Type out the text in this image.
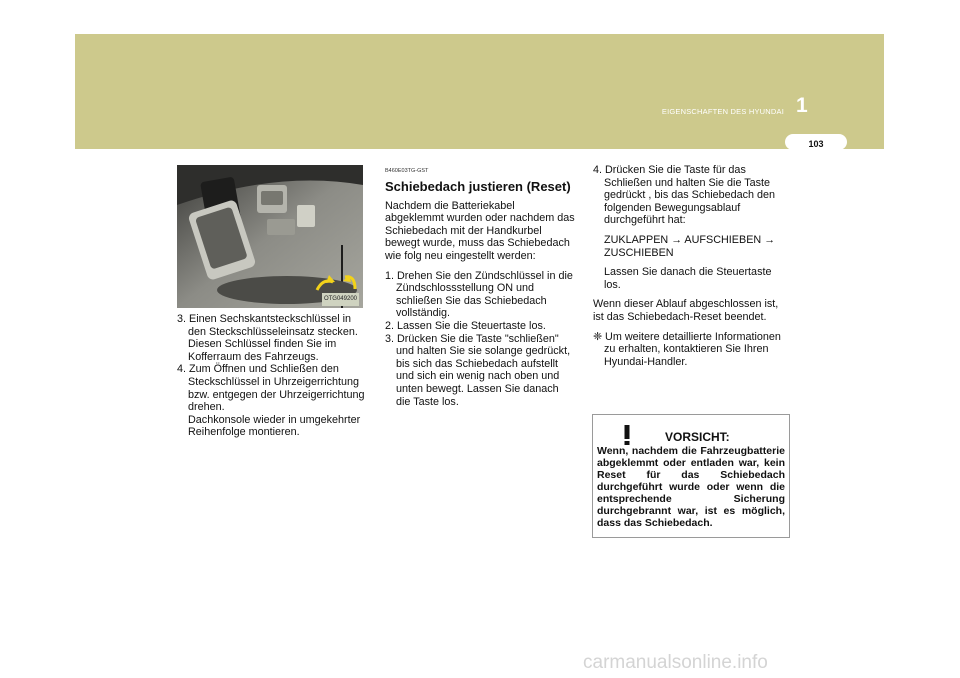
EIGENSCHAFTEN DES HYUNDAI 1
103
OTG049200

3. Einen Sechskantsteckschlüssel in den Steckschlüsseleinsatz stecken. Diesen Schlüssel finden Sie im Kofferraum des Fahrzeugs.

4. Zum Öffnen und Schließen den Steckschlüssel in Uhrzeigerrichtung bzw. entgegen der Uhrzeigerrichtung drehen.

Dachkonsole wieder in umgekehrter Reihenfolge montieren.

B460E03TG-GST
Schiebedach justieren (Reset)

Nachdem die Batteriekabel abgeklemmt wurden oder nachdem das Schiebedach mit der Handkurbel bewegt wurde, muss das Schiebedach wie folg neu eingestellt werden:

1. Drehen Sie den Zündschlüssel in die Zündschlossstellung ON und schließen Sie das Schiebedach vollständig.

2. Lassen Sie die Steuertaste los.

3. Drücken Sie die Taste "schließen" und halten Sie sie solange gedrückt, bis sich das Schiebedach aufstellt und sich ein wenig nach oben und unten bewegt. Lassen Sie danach die Taste los.

4. Drücken Sie die Taste für das Schließen und halten Sie die Taste gedrückt , bis das Schiebedach den folgenden Bewegungsablauf durchgeführt hat:

ZUKLAPPEN → AUFSCHIEBEN → ZUSCHIEBEN

Lassen Sie danach die Steuertaste los.

Wenn dieser Ablauf abgeschlossen ist, ist das Schiebedach-Reset beendet.

❈ Um weitere detaillierte Informationen zu erhalten, kontaktieren Sie Ihren Hyundai-Handler.

VORSICHT:
Wenn, nachdem die Fahrzeugbatterie abgeklemmt oder entladen war, kein Reset für das Schiebedach durchgeführt wurde oder wenn die entsprechende Sicherung durchgebrannt war, ist es möglich, dass das Schiebedach.
carmanualsonline.info
